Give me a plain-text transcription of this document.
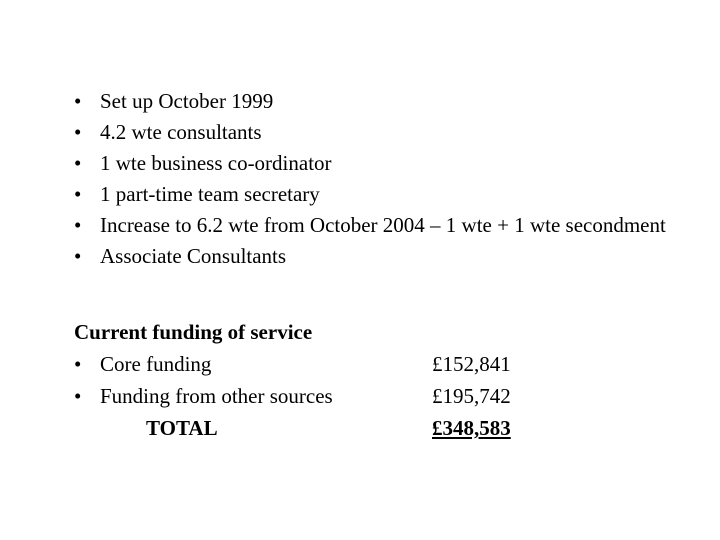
• Set up October 1999
• 4.2 wte consultants
• 1 wte business co-ordinator
• 1 part-time team secretary
• Increase to 6.2 wte from October 2004 – 1 wte + 1 wte secondment
• Associate Consultants
Current funding of service
• Core funding	£152,841
• Funding from other sources	£195,742
TOTAL	£348,583
